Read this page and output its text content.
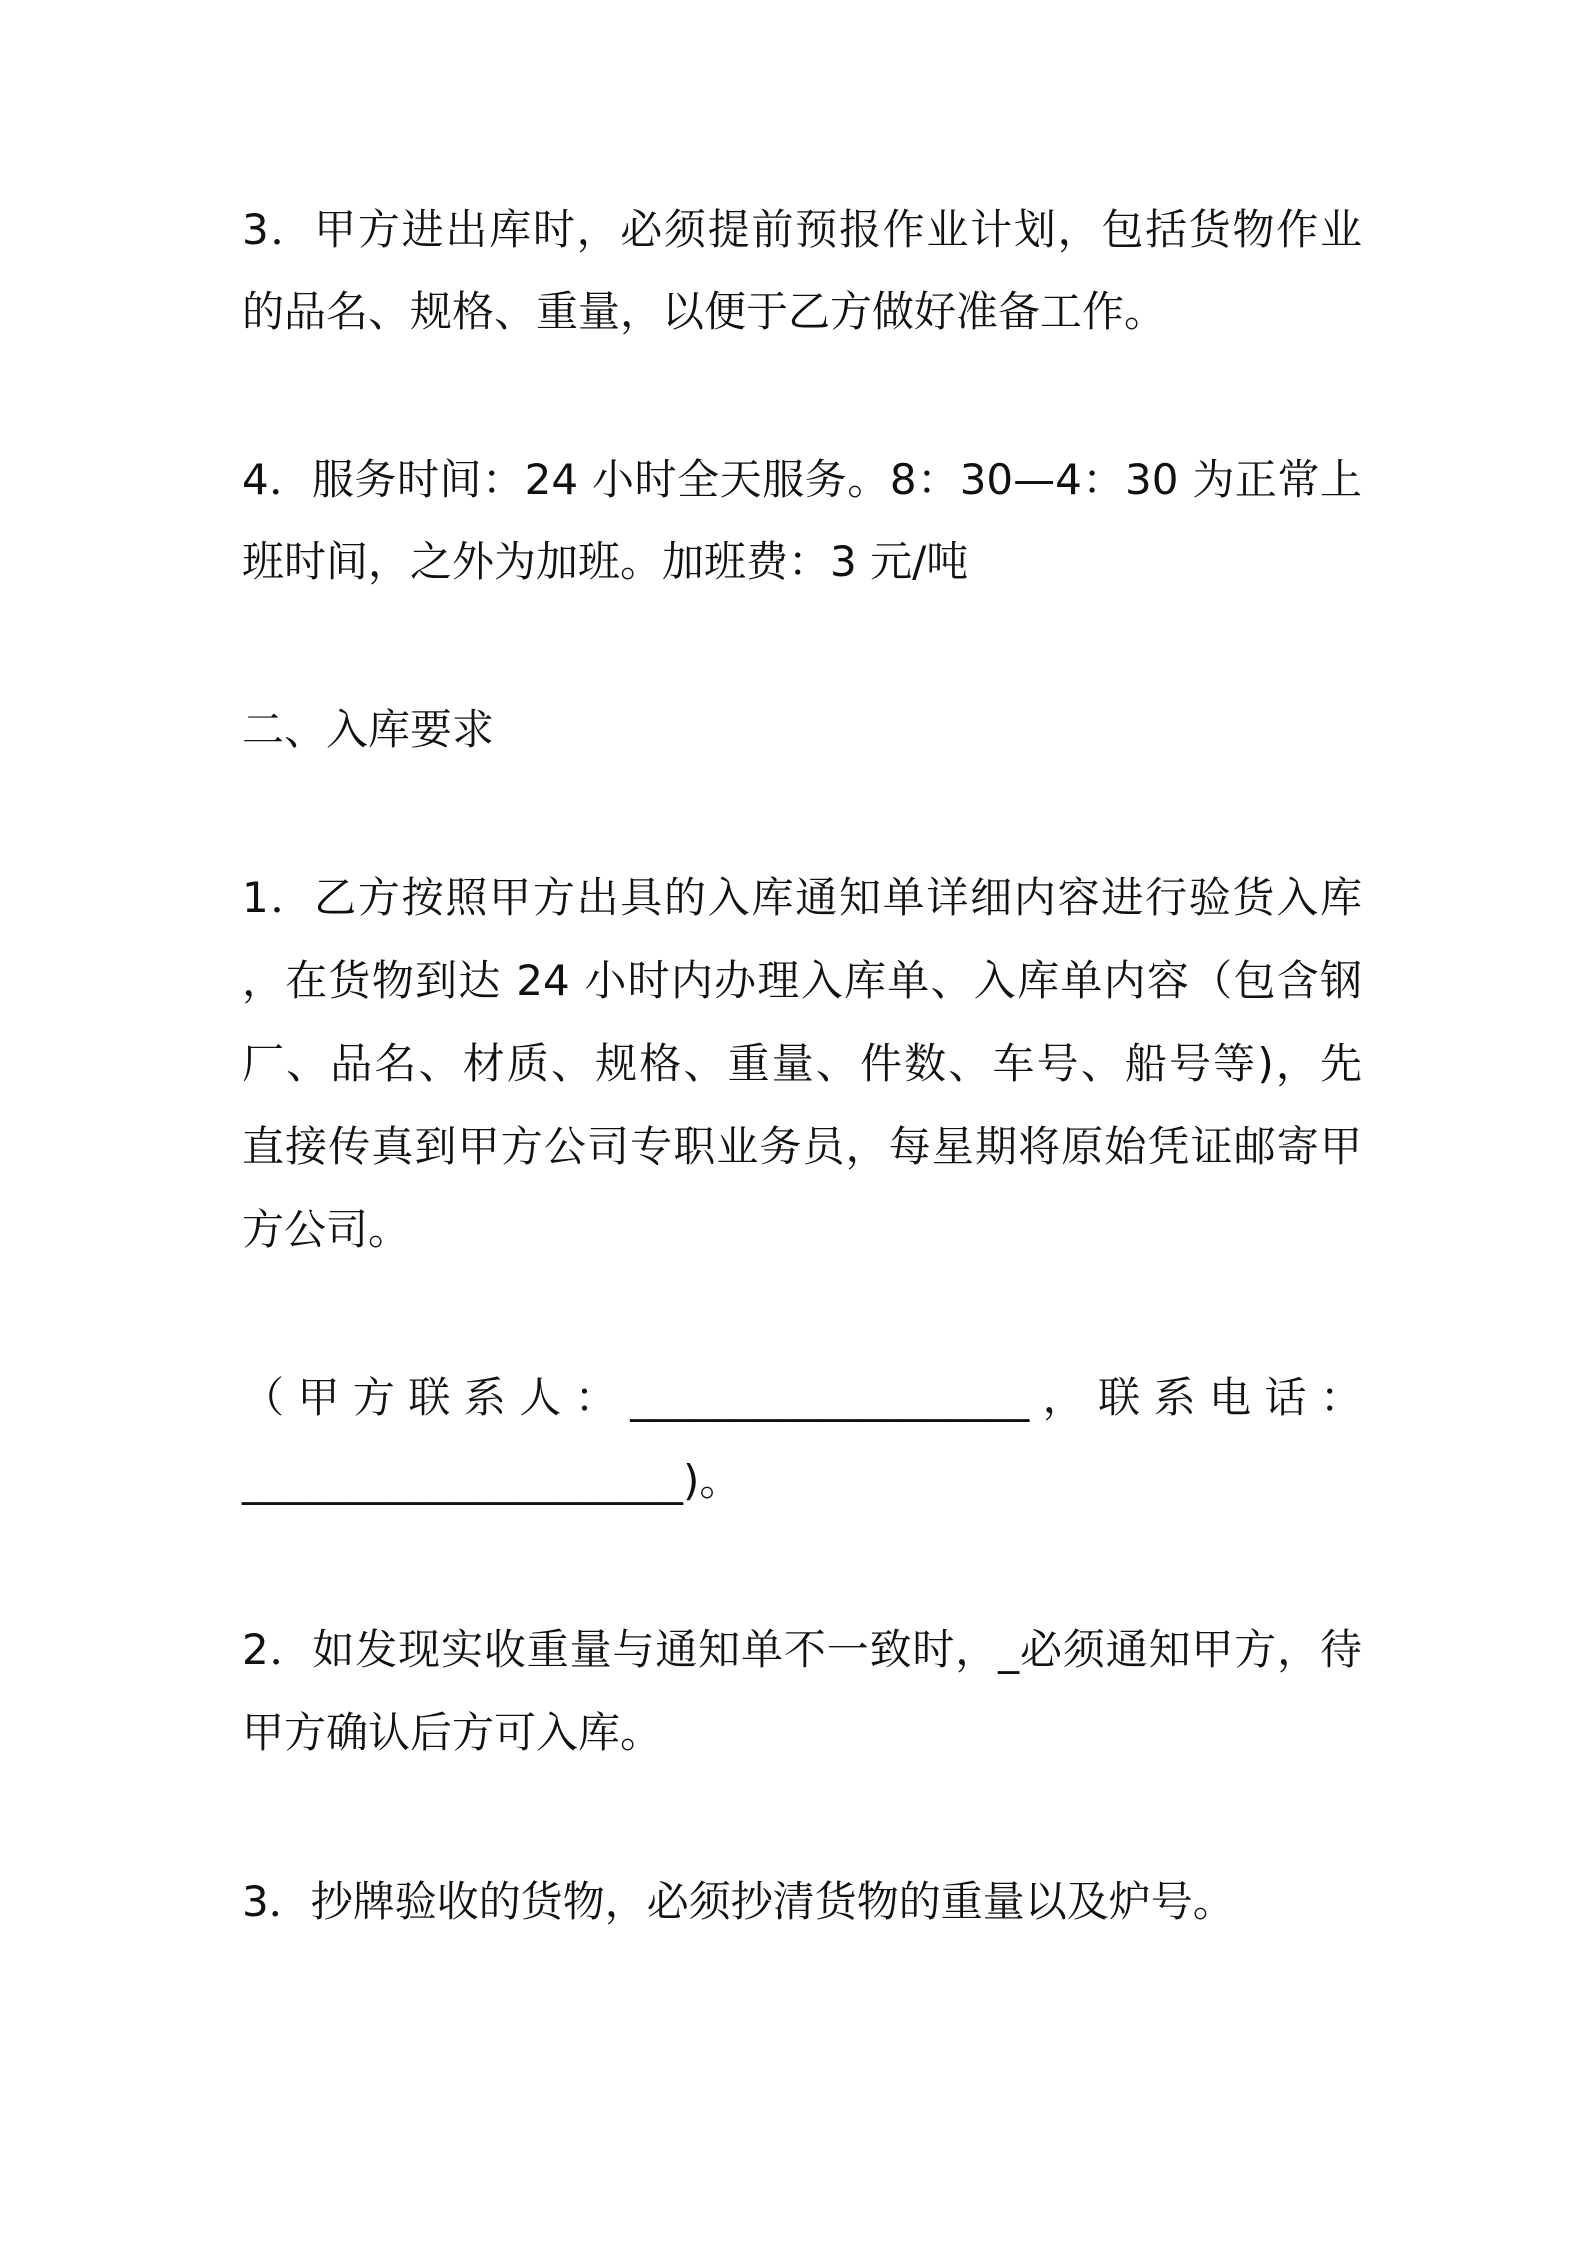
3．甲方进出库时，必须提前预报作业计划，包括货物作业
的品名、规格、重量，以便于乙方做好准备工作。
4．服务时间：24 小时全天服务。8：30—4：30 为正常上
班时间，之外为加班。加班费：3 元/吨
二、入库要求
1．乙方按照甲方出具的入库通知单详细内容进行验货入库
，在货物到达 24 小时内办理入库单、入库单内容（包含钢
厂、品名、材质、规格、重量、件数、车号、船号等)，先
直接传真到甲方公司专职业务员，每星期将原始凭证邮寄甲
方公司。
（甲方联系人：___________________，联系电话：
_____________________)。
2．如发现实收重量与通知单不一致时，_必须通知甲方，待
甲方确认后方可入库。
3．抄牌验收的货物，必须抄清货物的重量以及炉号。
